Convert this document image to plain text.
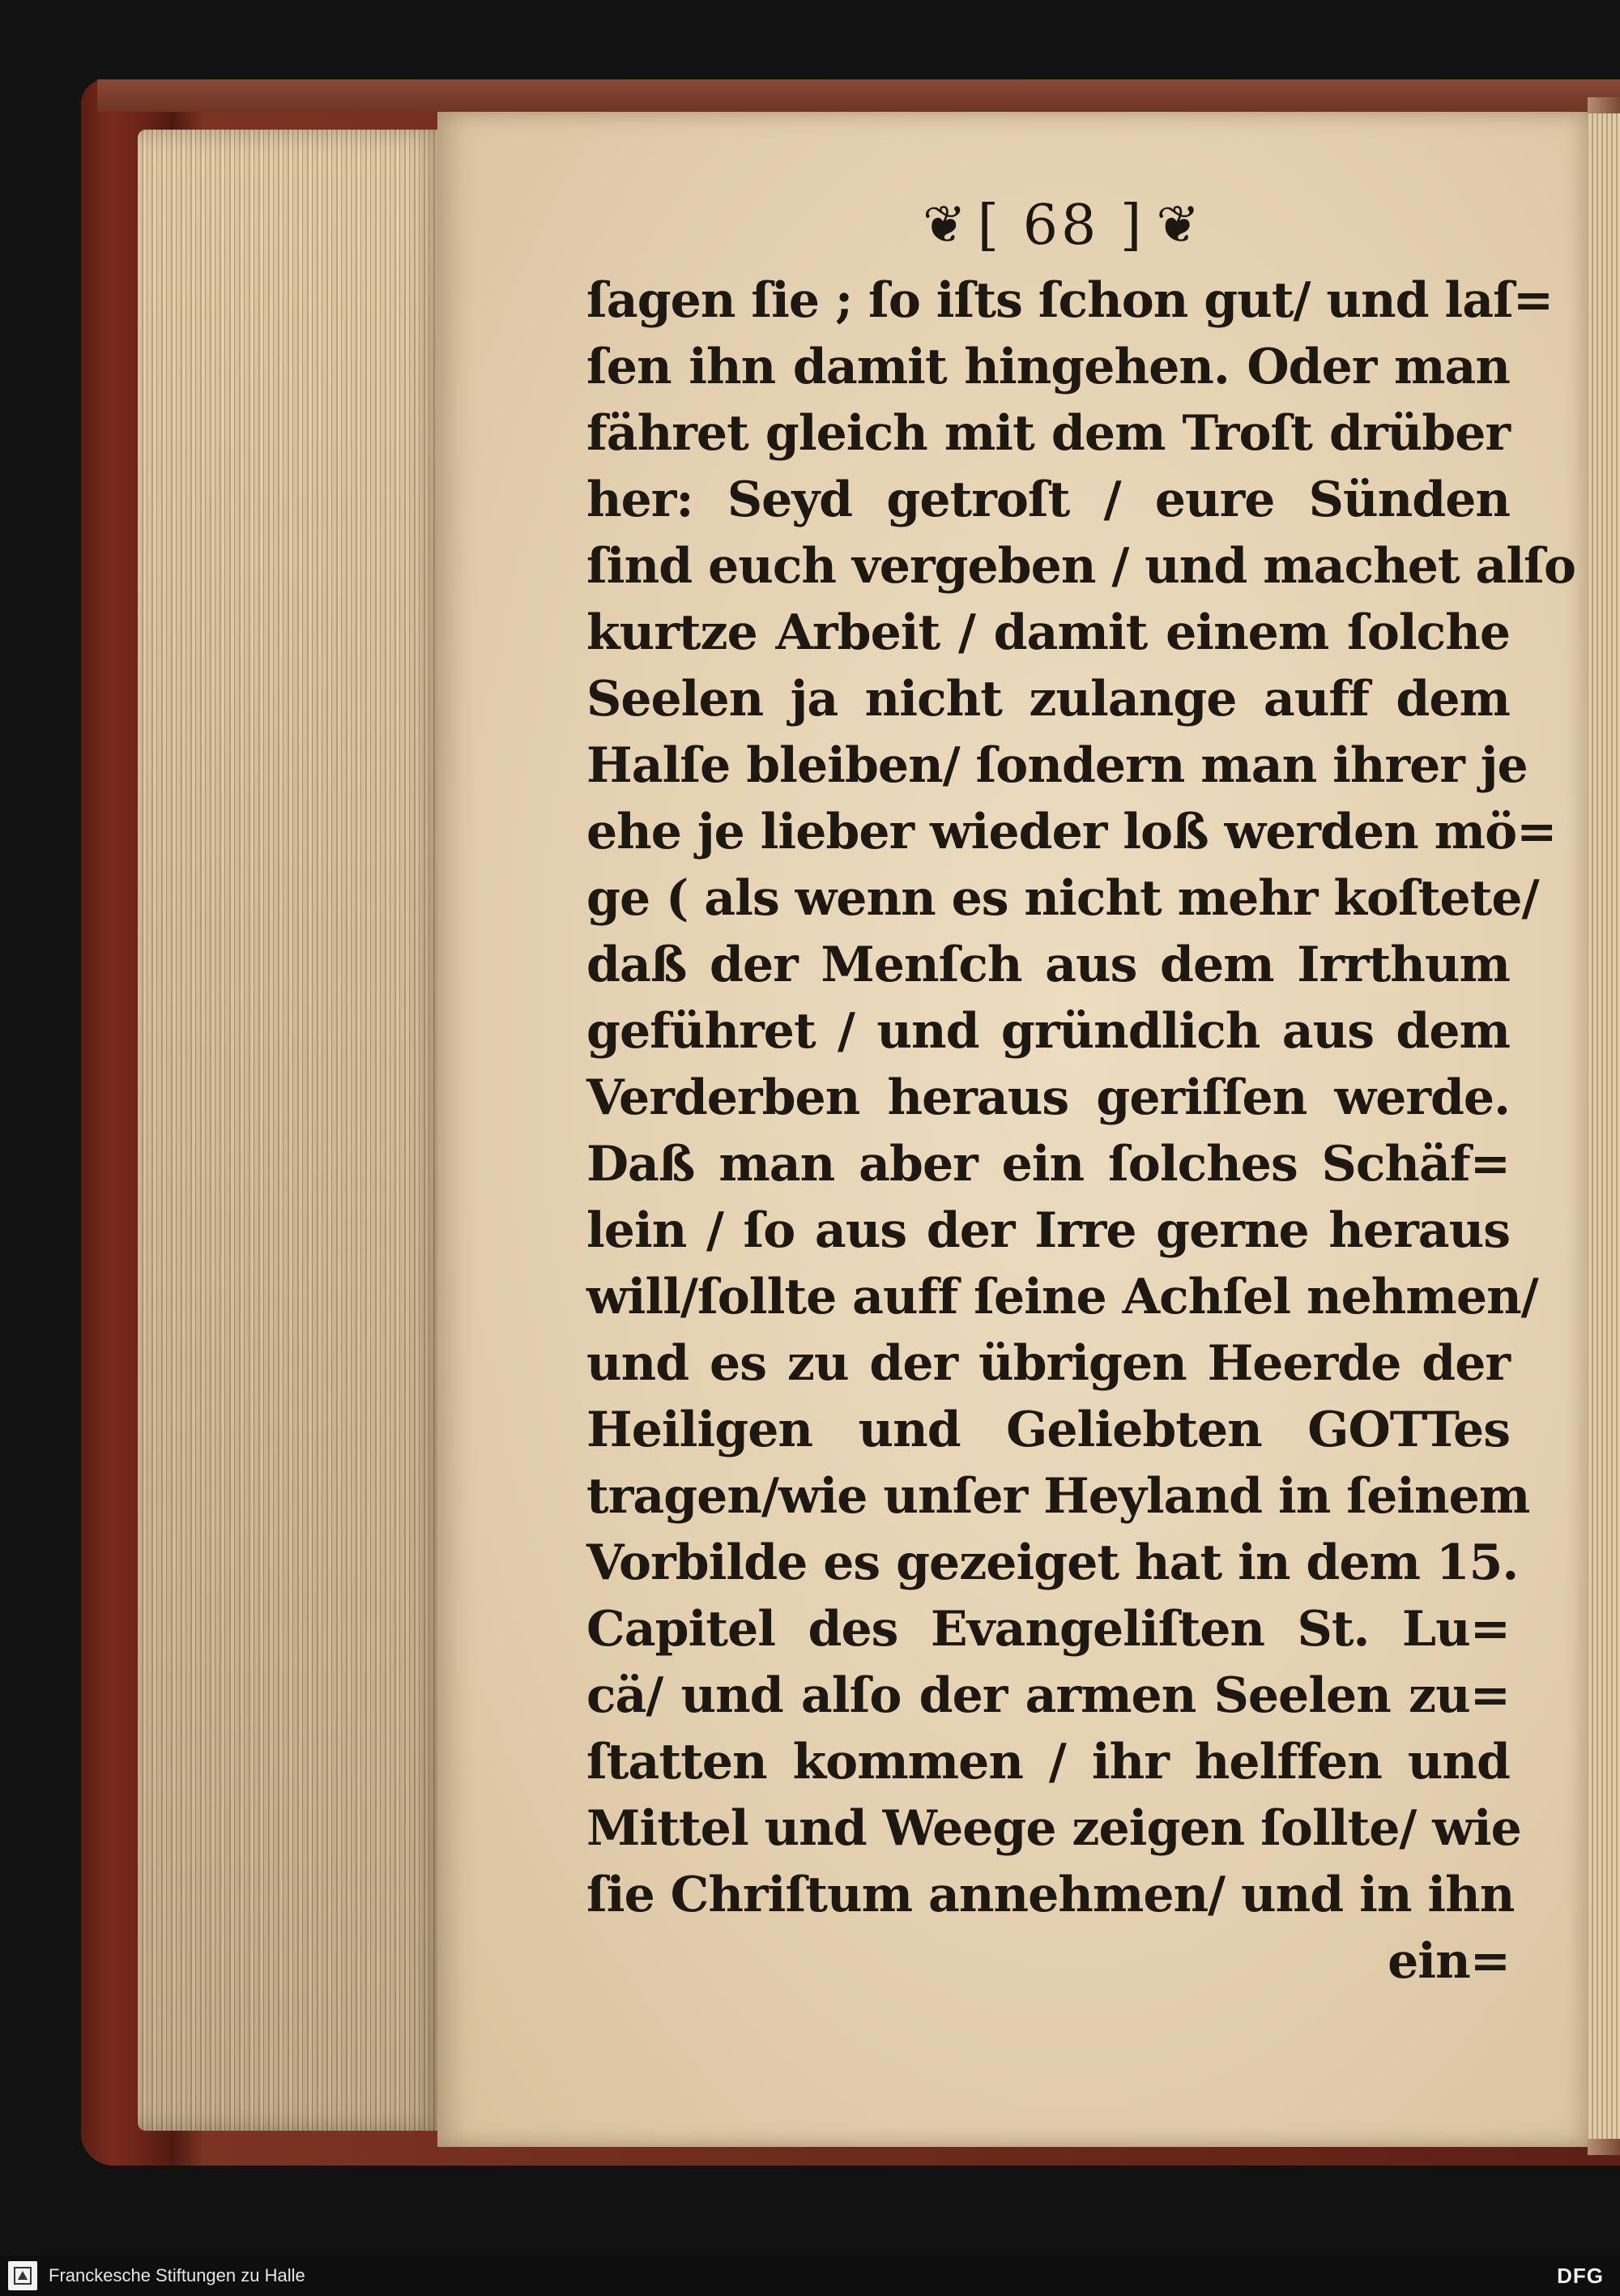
❦ [ 68 ] ❦
ſagen ſie ; ſo iſts ſchon gut/ und laſ=
ſen ihn damit hingehen. Oder man
fähret gleich mit dem Troſt drüber
her: Seyd getroſt / eure Sünden
ſind euch vergeben / und machet alſo
kurtze Arbeit / damit einem ſolche
Seelen ja nicht zulange auff dem
Halſe bleiben/ ſondern man ihrer je
ehe je lieber wieder loß werden mö=
ge ( als wenn es nicht mehr koſtete/
daß der Menſch aus dem Irrthum
geführet / und gründlich aus dem
Verderben heraus geriſſen werde.
Daß man aber ein ſolches Schäf=
lein / ſo aus der Irre gerne heraus
will/ſollte auff ſeine Achſel nehmen/
und es zu der übrigen Heerde der
Heiligen und Geliebten GOTTes
tragen/wie unſer Heyland in ſeinem
Vorbilde es gezeiget hat in dem 15.
Capitel des Evangeliſten St. Lu=
cä/ und alſo der armen Seelen zu=
ſtatten kommen / ihr helffen und
Mittel und Weege zeigen ſollte/ wie
ſie Chriſtum annehmen/ und in ihn
ein=
Franckesche Stiftungen zu Halle	DFG
